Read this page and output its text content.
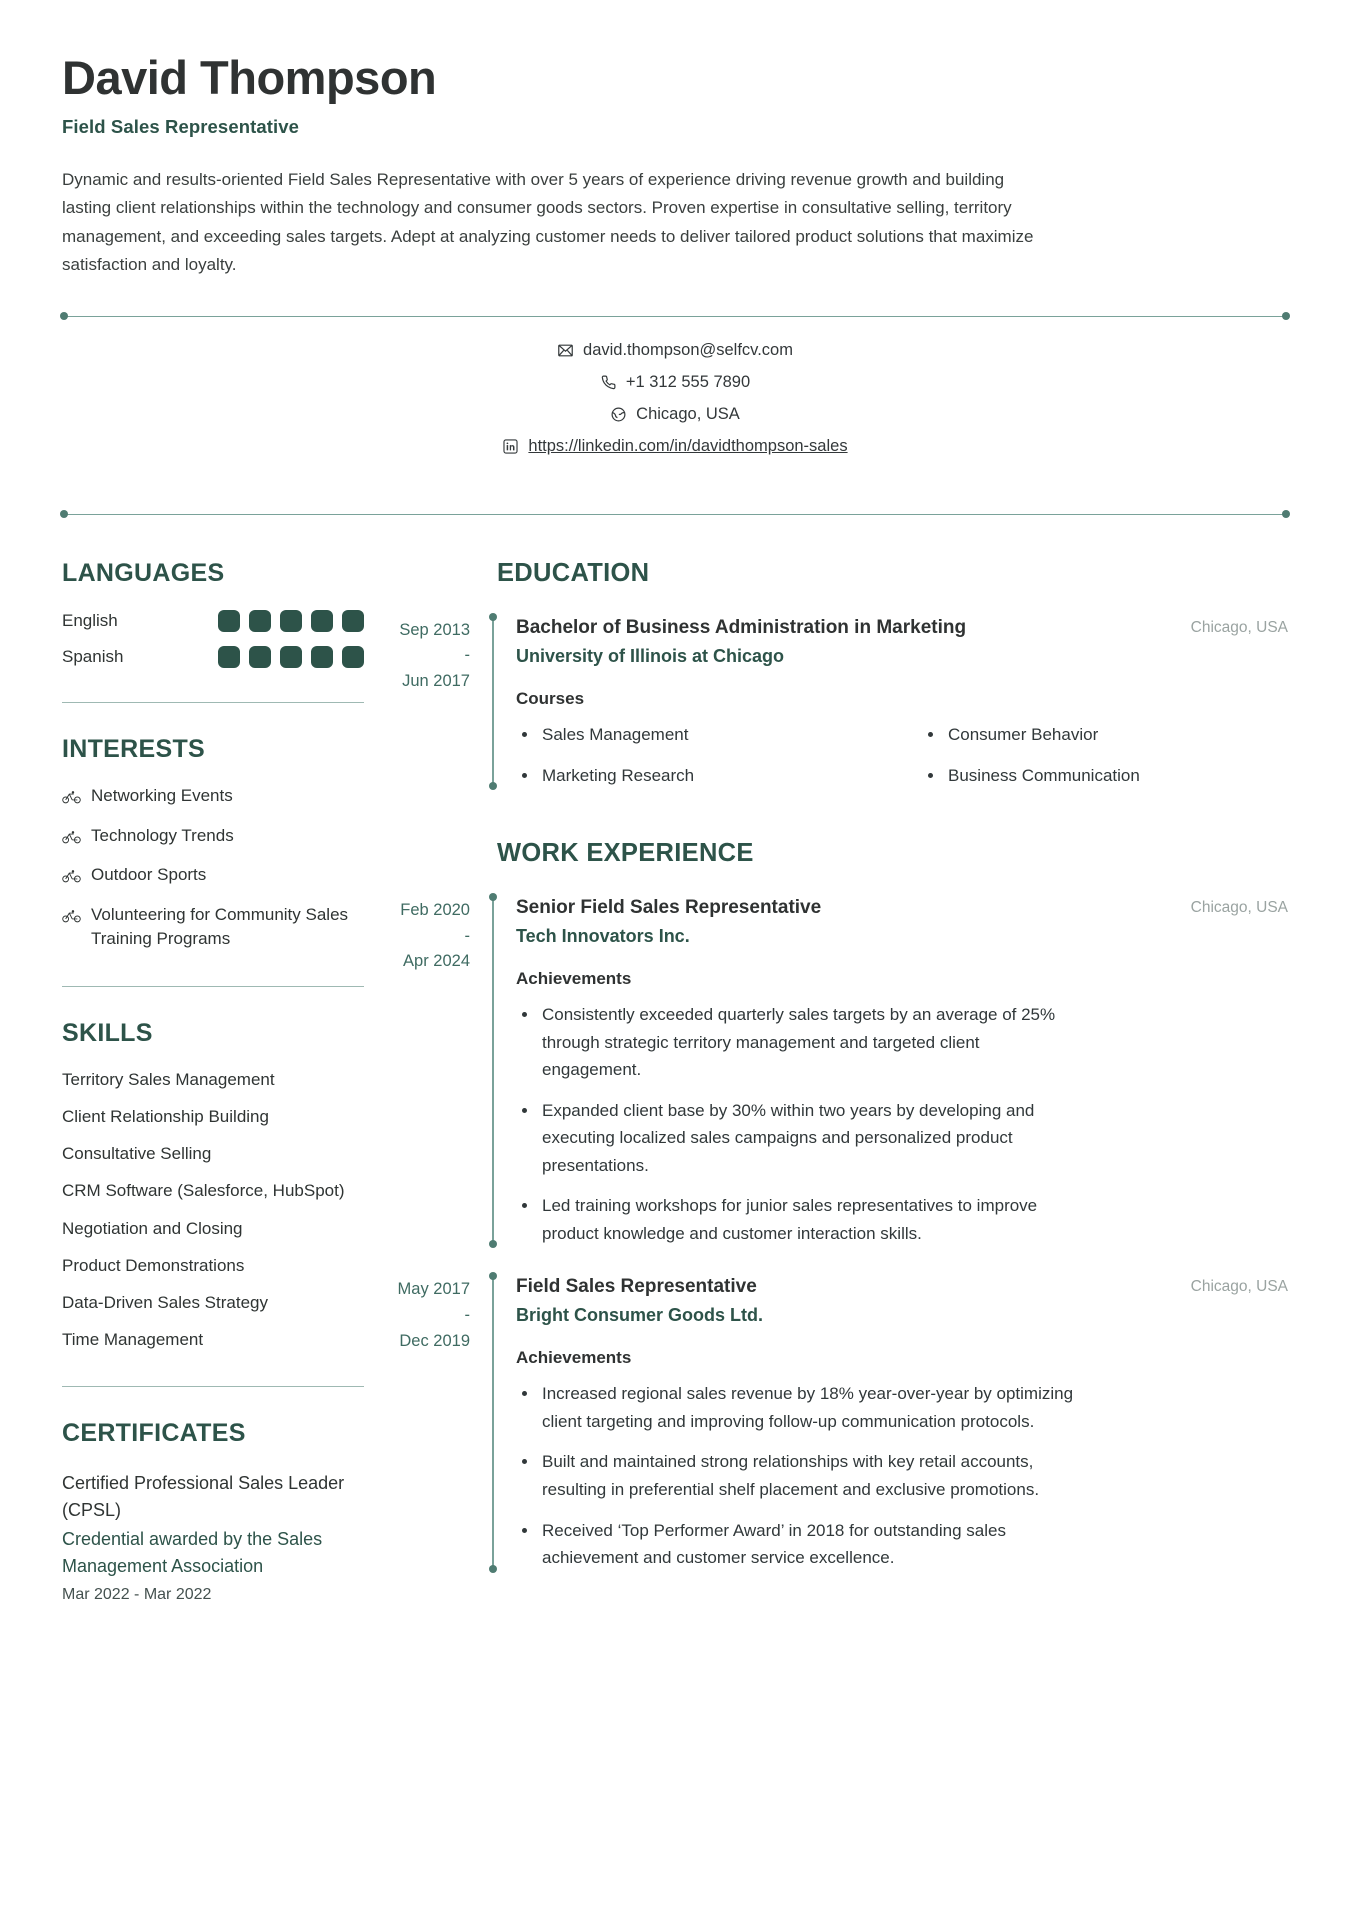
David Thompson
Field Sales Representative
Dynamic and results-oriented Field Sales Representative with over 5 years of experience driving revenue growth and building lasting client relationships within the technology and consumer goods sectors. Proven expertise in consultative selling, territory management, and exceeding sales targets. Adept at analyzing customer needs to deliver tailored product solutions that maximize satisfaction and loyalty.
david.thompson@selfcv.com
+1 312 555 7890
Chicago, USA
https://linkedin.com/in/davidthompson-sales
LANGUAGES
English
Spanish
INTERESTS
Networking Events
Technology Trends
Outdoor Sports
Volunteering for Community Sales Training Programs
SKILLS
Territory Sales Management
Client Relationship Building
Consultative Selling
CRM Software (Salesforce, HubSpot)
Negotiation and Closing
Product Demonstrations
Data-Driven Sales Strategy
Time Management
CERTIFICATES
Certified Professional Sales Leader (CPSL)
Credential awarded by the Sales Management Association
Mar 2022 - Mar 2022
EDUCATION
Sep 2013
-
Jun 2017
Bachelor of Business Administration in Marketing	Chicago, USA
University of Illinois at Chicago
Courses
Sales Management	Consumer Behavior
Marketing Research	Business Communication
WORK EXPERIENCE
Feb 2020
-
Apr 2024
Senior Field Sales Representative	Chicago, USA
Tech Innovators Inc.
Achievements
Consistently exceeded quarterly sales targets by an average of 25% through strategic territory management and targeted client engagement.
Expanded client base by 30% within two years by developing and executing localized sales campaigns and personalized product presentations.
Led training workshops for junior sales representatives to improve product knowledge and customer interaction skills.
May 2017
-
Dec 2019
Field Sales Representative	Chicago, USA
Bright Consumer Goods Ltd.
Achievements
Increased regional sales revenue by 18% year-over-year by optimizing client targeting and improving follow-up communication protocols.
Built and maintained strong relationships with key retail accounts, resulting in preferential shelf placement and exclusive promotions.
Received ‘Top Performer Award’ in 2018 for outstanding sales achievement and customer service excellence.
